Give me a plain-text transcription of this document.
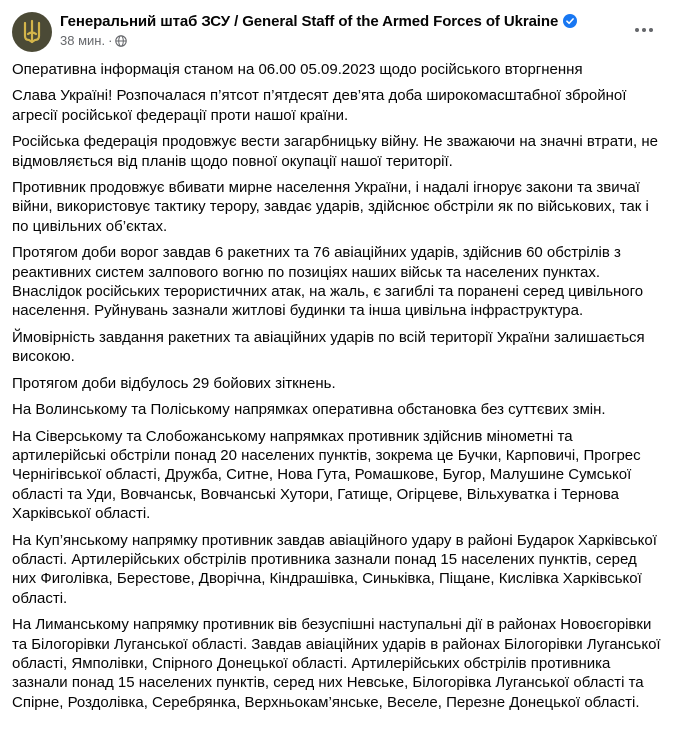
Генеральний штаб ЗСУ / General Staff of the Armed Forces of Ukraine
38 мин. ·

Оперативна інформація станом на 06.00 05.09.2023 щодо російського вторгнення

Слава Україні! Розпочалася п’ятсот п’ятдесят дев’ята доба широкомасштабної збройної агресії російської федерації проти нашої країни.

Російська федерація продовжує вести загарбницьку війну. Не зважаючи на значні втрати, не відмовляється від планів щодо повної окупації нашої території.

Противник продовжує вбивати мирне населення України, і надалі ігнорує закони та звичаї війни, використовує тактику терору, завдає ударів, здійснює обстріли як по військових, так і по цивільних об’єктах.

Протягом доби ворог завдав 6 ракетних та 76 авіаційних ударів, здійснив 60 обстрілів з реактивних систем залпового вогню по позиціях наших військ та населених пунктах. Внаслідок російських терористичних атак, на жаль, є загиблі та поранені серед цивільного населення. Руйнувань зазнали житлові будинки та інша цивільна інфраструктура.

Ймовірність завдання ракетних та авіаційних ударів по всій території України залишається високою.

Протягом доби відбулось 29 бойових зіткнень.

На Волинському та Поліському напрямках оперативна обстановка без суттєвих змін.

На Сіверському та Слобожанському напрямках противник здійснив мінометні та артилерійські обстріли понад 20 населених пунктів, зокрема це Бучки, Карповичі, Прогрес Чернігівської області, Дружба, Ситне, Нова Гута, Ромашкове, Бугор, Малушине Сумської області та Уди, Вовчанськ, Вовчанські Хутори, Гатище, Огірцеве, Вільхуватка і Тернова Харківської області.

На Куп’янському напрямку противник завдав авіаційного удару в районі Бударок Харківської області. Артилерійських обстрілів противника зазнали понад 15 населених пунктів, серед них Фиголівка, Берестове, Дворічна, Кіндрашівка, Синьківка, Піщане, Кислівка Харківської області.

На Лиманському напрямку противник вів безуспішні наступальні дії в районах Новоєгорівки та Білогорівки Луганської області. Завдав авіаційних ударів в районах Білогорівки Луганської області, Ямполівки, Спірного Донецької області. Артилерійських обстрілів противника зазнали понад 15 населених пунктів, серед них Невське, Білогорівка Луганської області та Спірне, Роздолівка, Серебрянка, Верхньокам’янське, Веселе, Перезне Донецької області.
